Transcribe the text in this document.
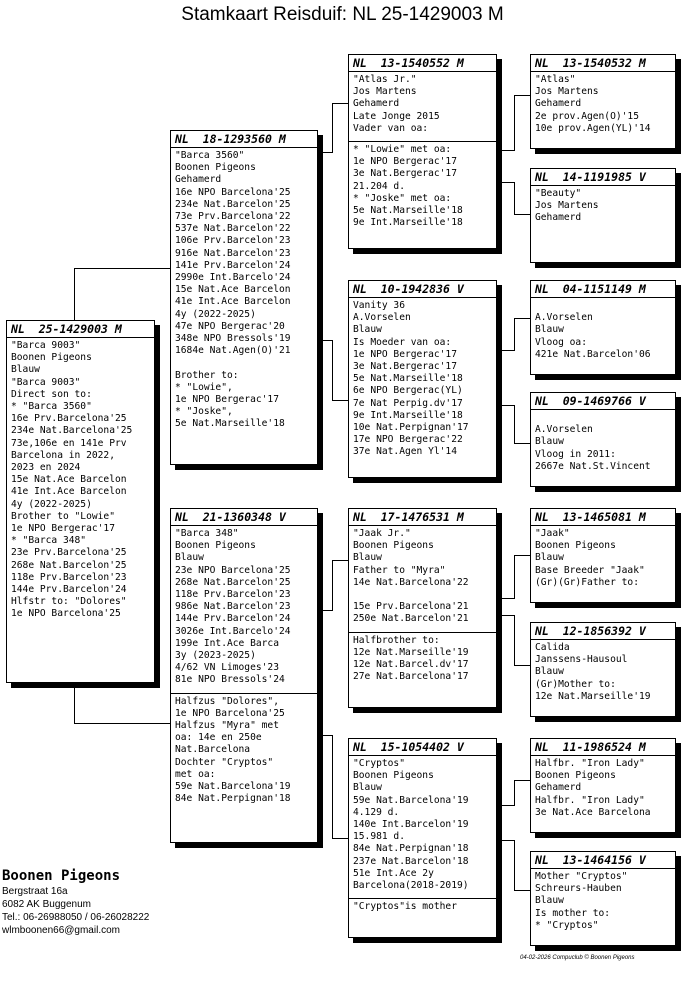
Stamkaart Reisduif: NL 25-1429003 M
NL  25-1429003 M
"Barca 9003"
Boonen Pigeons
Blauw
"Barca 9003"
Direct son to:
* "Barca 3560"
16e Prv.Barcelona'25
234e Nat.Barcelona'25
73e,106e en 141e Prv
Barcelona in 2022,
2023 en 2024
15e Nat.Ace Barcelon
41e Int.Ace Barcelon
4y (2022-2025)
Brother to "Lowie"
1e NPO Bergerac'17
* "Barca 348"
23e Prv.Barcelona'25
268e Nat.Barcelon'25
118e Prv.Barcelon'23
144e Prv.Barcelon'24
Hlfstr to: "Dolores"
1e NPO Barcelona'25
NL  18-1293560 M
"Barca 3560"
Boonen Pigeons
Gehamerd
16e NPO Barcelona'25
234e Nat.Barcelon'25
73e Prv.Barcelona'22
537e Nat.Barcelon'22
106e Prv.Barcelon'23
916e Nat.Barcelon'23
141e Prv.Barcelon'24
2990e Int.Barcelo'24
15e Nat.Ace Barcelon
41e Int.Ace Barcelon
4y (2022-2025)
47e NPO Bergerac'20
348e NPO Bressols'19
1684e Nat.Agen(O)'21

Brother to:
* "Lowie",
1e NPO Bergerac'17
* "Joske",
5e Nat.Marseille'18
NL  21-1360348 V
"Barca 348"
Boonen Pigeons
Blauw
23e NPO Barcelona'25
268e Nat.Barcelon'25
118e Prv.Barcelon'23
986e Nat.Barcelon'23
144e Prv.Barcelon'24
3026e Int.Barcelo'24
199e Int.Ace Barca
3y (2023-2025)
4/62 VN Limoges'23
81e NPO Bressols'24
Halfzus "Dolores",
1e NPO Barcelona'25
Halfzus "Myra" met
oa: 14e en 250e
Nat.Barcelona
Dochter "Cryptos"
met oa:
59e Nat.Barcelona'19
84e Nat.Perpignan'18
NL  13-1540552 M
"Atlas Jr."
Jos Martens
Gehamerd
Late Jonge 2015
Vader van oa:
* "Lowie" met oa:
1e NPO Bergerac'17
3e Nat.Bergerac'17
21.204 d.
* "Joske" met oa:
5e Nat.Marseille'18
9e Int.Marseille'18
NL  10-1942836 V
Vanity 36
A.Vorselen
Blauw
Is Moeder van oa:
1e NPO Bergerac'17
3e Nat.Bergerac'17
5e Nat.Marseille'18
6e NPO Bergerac(YL)
7e Nat Perpig.dv'17
9e Int.Marseille'18
10e Nat.Perpignan'17
17e NPO Bergerac'22
37e Nat.Agen Yl'14
NL  17-1476531 M
"Jaak Jr."
Boonen Pigeons
Blauw
Father to "Myra"
14e Nat.Barcelona'22

15e Prv.Barcelona'21
250e Nat.Barcelon'21
Halfbrother to:
12e Nat.Marseille'19
12e Nat.Barcel.dv'17
27e Nat.Barcelona'17
NL  15-1054402 V
"Cryptos"
Boonen Pigeons
Blauw
59e Nat.Barcelona'19
4.129 d.
140e Int.Barcelon'19
15.981 d.
84e Nat.Perpignan'18
237e Nat.Barcelon'18
51e Int.Ace 2y
Barcelona(2018-2019)
"Cryptos"is mother
NL  13-1540532 M
"Atlas"
Jos Martens
Gehamerd
2e prov.Agen(O)'15
10e prov.Agen(YL)'14
NL  14-1191985 V
"Beauty"
Jos Martens
Gehamerd
NL  04-1151149 M

A.Vorselen
Blauw
Vloog oa:
421e Nat.Barcelon'06
NL  09-1469766 V

A.Vorselen
Blauw
Vloog in 2011:
2667e Nat.St.Vincent
NL  13-1465081 M
"Jaak"
Boonen Pigeons
Blauw
Base Breeder "Jaak"
(Gr)(Gr)Father to:
NL  12-1856392 V
Calida
Janssens-Hausoul
Blauw
(Gr)Mother to:
12e Nat.Marseille'19
NL  11-1986524 M
Halfbr. "Iron Lady"
Boonen Pigeons
Gehamerd
Halfbr. "Iron Lady"
3e Nat.Ace Barcelona
NL  13-1464156 V
Mother "Cryptos"
Schreurs-Hauben
Blauw
Is mother to:
* "Cryptos"
Boonen Pigeons
Bergstraat 16a
6082 AK Buggenum
Tel.: 06-26988050 / 06-26028222
wlmboonen66@gmail.com
04-02-2026 Compuclub © Boonen Pigeons
